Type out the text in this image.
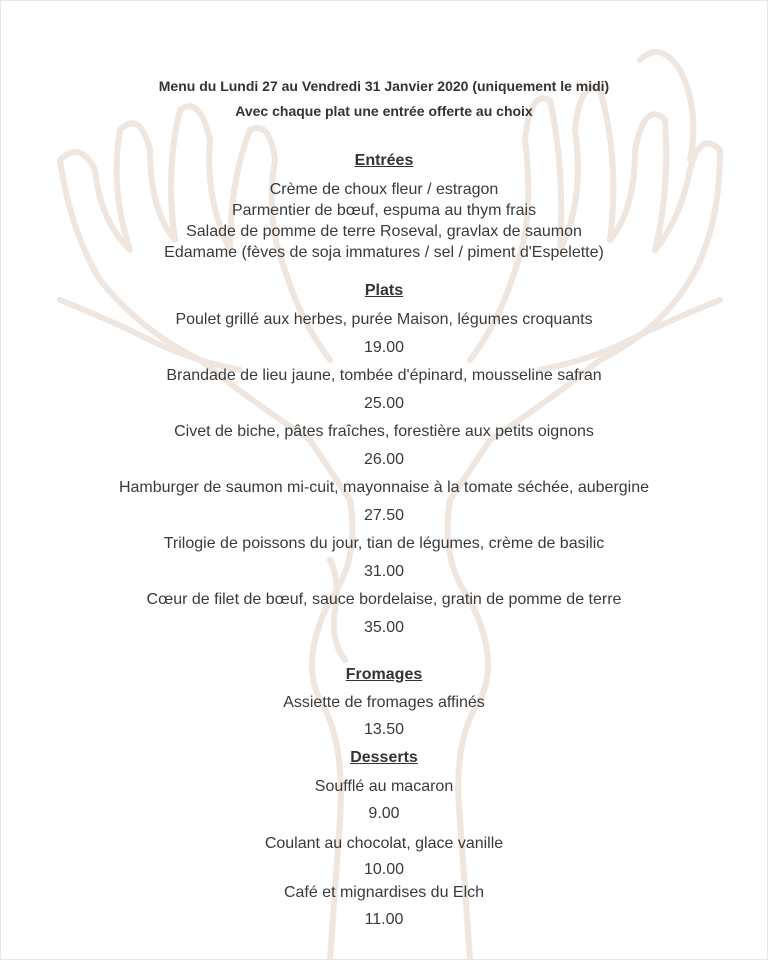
Menu du Lundi 27 au Vendredi 31 Janvier 2020 (uniquement le midi)
Avec chaque plat une entrée offerte au choix
Entrées
Crème de choux fleur / estragon
Parmentier de bœuf, espuma au thym frais
Salade de pomme de terre Roseval, gravlax de saumon
Edamame (fèves de soja immatures / sel / piment d'Espelette)
Plats
Poulet grillé aux herbes, purée Maison, légumes croquants
19.00
Brandade de lieu jaune, tombée d'épinard, mousseline safran
25.00
Civet de biche, pâtes fraîches, forestière aux petits oignons
26.00
Hamburger de saumon mi-cuit, mayonnaise à la tomate séchée, aubergine
27.50
Trilogie de poissons du jour, tian de légumes, crème de basilic
31.00
Cœur de filet de bœuf, sauce bordelaise, gratin de pomme de terre
35.00
Fromages
Assiette de fromages affinés
13.50
Desserts
Soufflé au macaron
9.00
Coulant au chocolat, glace vanille
10.00
Café et mignardises du Elch
11.00
